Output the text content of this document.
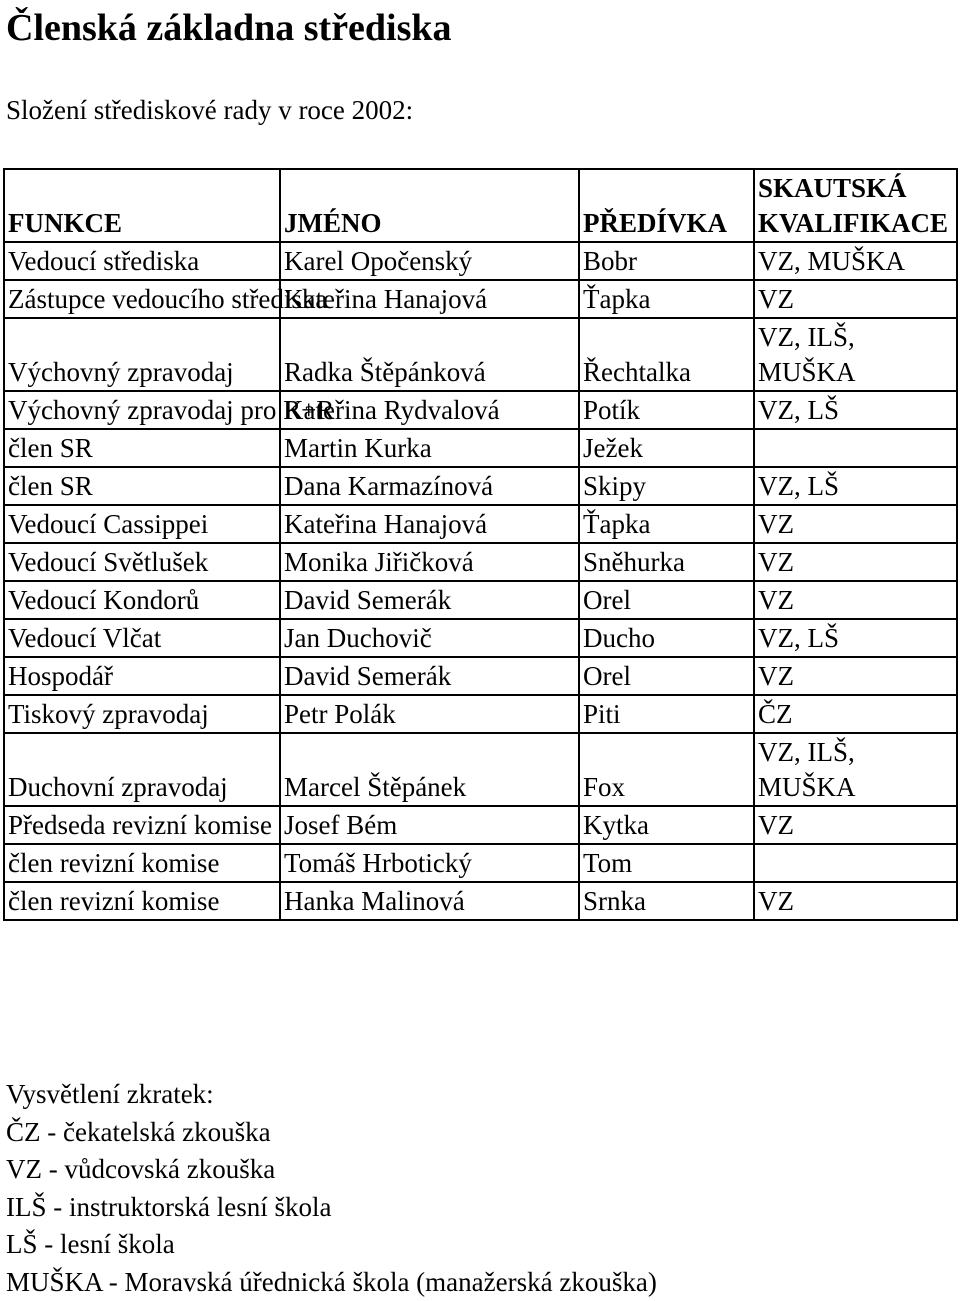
Členská základna střediska
Složení střediskové rady v roce 2002:
FUNKCE	JMÉNO	PŘEDÍVKA	SKAUTSKÁ KVALIFIKACE
Vedoucí střediska	Karel Opočenský	Bobr	VZ, MUŠKA
Zástupce vedoucího střediska	Kateřina Hanajová	Ťapka	VZ
Výchovný zpravodaj	Radka Štěpánková	Řechtalka	VZ, ILŠ, MUŠKA
Výchovný zpravodaj pro R+R	Kateřina Rydvalová	Potík	VZ, LŠ
člen SR	Martin Kurka	Ježek	
člen SR	Dana Karmazínová	Skipy	VZ, LŠ
Vedoucí Cassippei	Kateřina Hanajová	Ťapka	VZ
Vedoucí Světlušek	Monika Jiřičková	Sněhurka	VZ
Vedoucí Kondorů	David Semerák	Orel	VZ
Vedoucí Vlčat	Jan Duchovič	Ducho	VZ, LŠ
Hospodář	David Semerák	Orel	VZ
Tiskový zpravodaj	Petr Polák	Piti	ČZ
Duchovní zpravodaj	Marcel Štěpánek	Fox	VZ, ILŠ, MUŠKA
Předseda revizní komise	Josef Bém	Kytka	VZ
člen revizní komise	Tomáš Hrbotický	Tom	
člen revizní komise	Hanka Malinová	Srnka	VZ
Vysvětlení zkratek:
ČZ - čekatelská zkouška
VZ - vůdcovská zkouška
ILŠ - instruktorská lesní škola
LŠ - lesní škola
MUŠKA - Moravská úřednická škola (manažerská zkouška)
